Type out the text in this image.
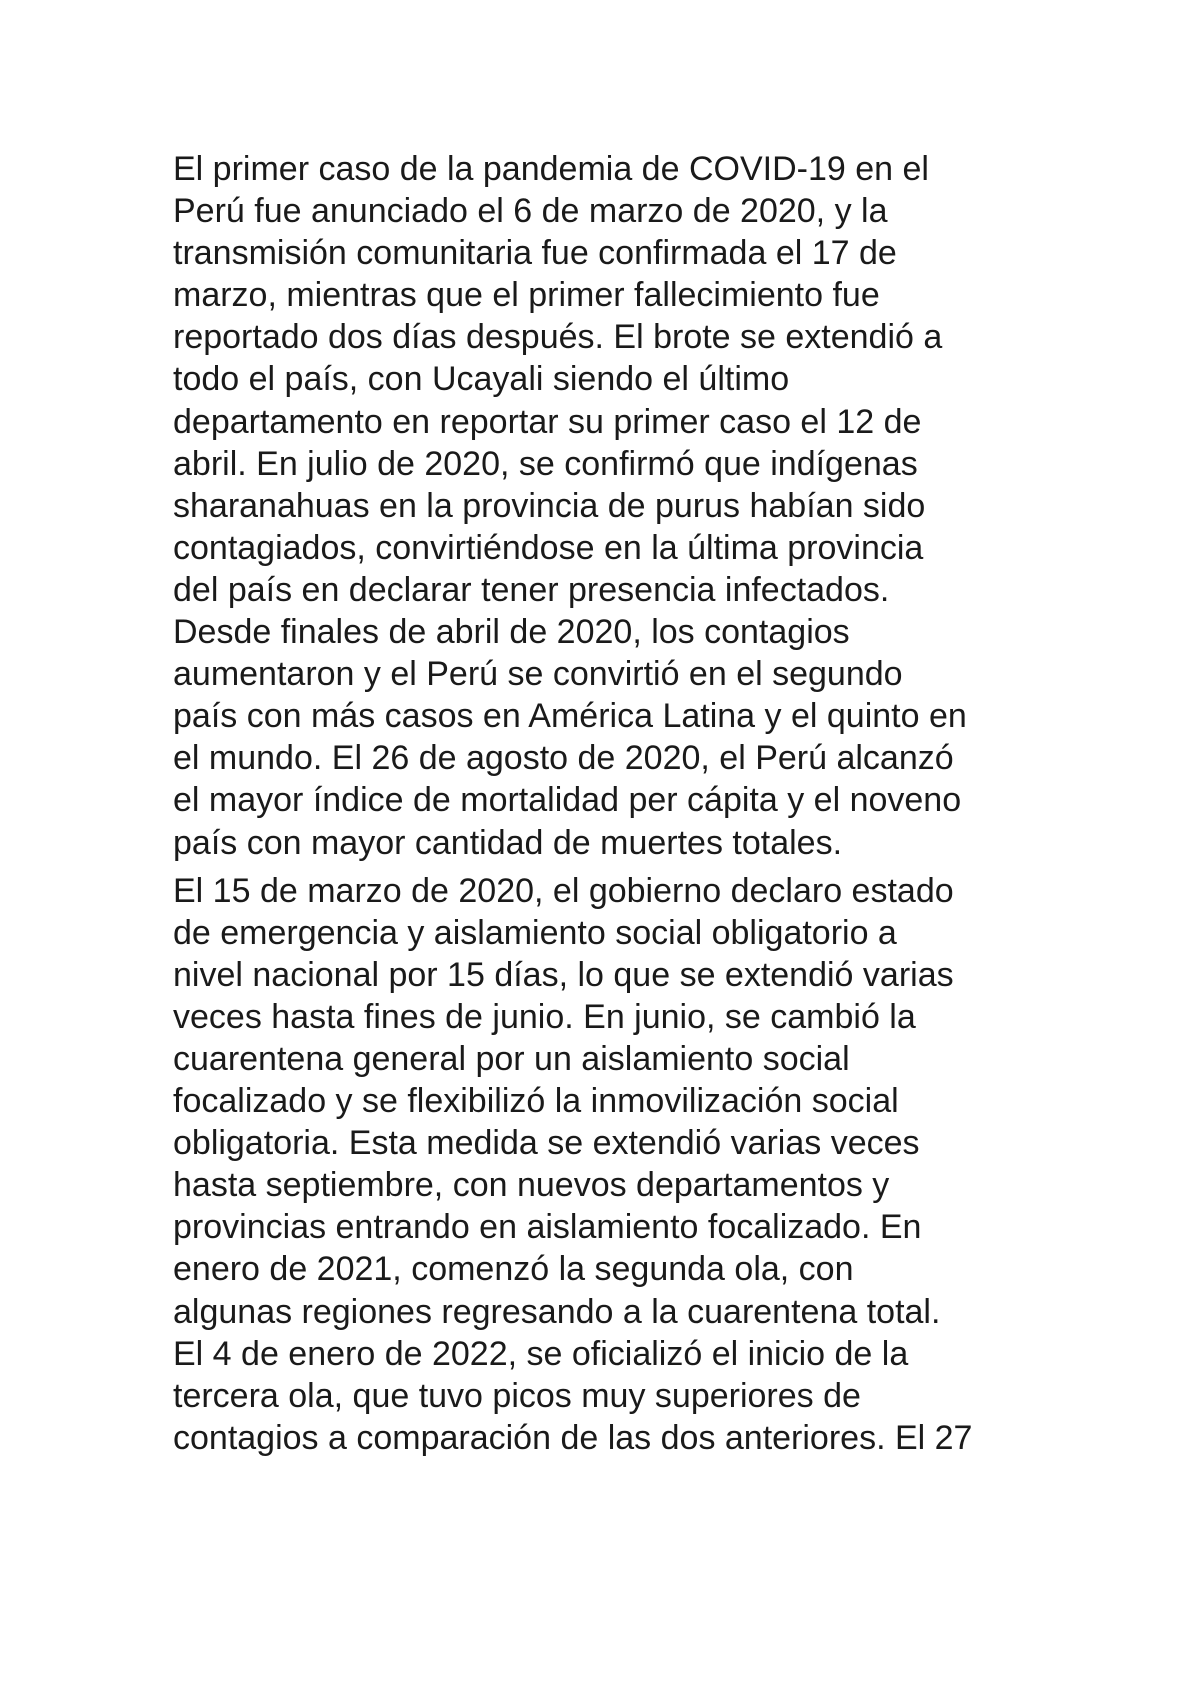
El primer caso de la pandemia de COVID-19 en el
Perú fue anunciado el 6 de marzo de 2020, y la
transmisión comunitaria fue confirmada el 17 de
marzo, mientras que el primer fallecimiento fue
reportado dos días después. El brote se extendió a
todo el país, con Ucayali siendo el último
departamento en reportar su primer caso el 12 de
abril. En julio de 2020, se confirmó que indígenas
sharanahuas en la provincia de purus habían sido
contagiados, convirtiéndose en la última provincia
del país en declarar tener presencia infectados.
Desde finales de abril de 2020, los contagios
aumentaron y el Perú se convirtió en el segundo
país con más casos en América Latina y el quinto en
el mundo. El 26 de agosto de 2020, el Perú alcanzó
el mayor índice de mortalidad per cápita y el noveno
país con mayor cantidad de muertes totales.

El 15 de marzo de 2020, el gobierno declaro estado
de emergencia y aislamiento social obligatorio a
nivel nacional por 15 días, lo que se extendió varias
veces hasta fines de junio. En junio, se cambió la
cuarentena general por un aislamiento social
focalizado y se flexibilizó la inmovilización social
obligatoria. Esta medida se extendió varias veces
hasta septiembre, con nuevos departamentos y
provincias entrando en aislamiento focalizado. En
enero de 2021, comenzó la segunda ola, con
algunas regiones regresando a la cuarentena total.
El 4 de enero de 2022, se oficializó el inicio de la
tercera ola, que tuvo picos muy superiores de
contagios a comparación de las dos anteriores. El 27
